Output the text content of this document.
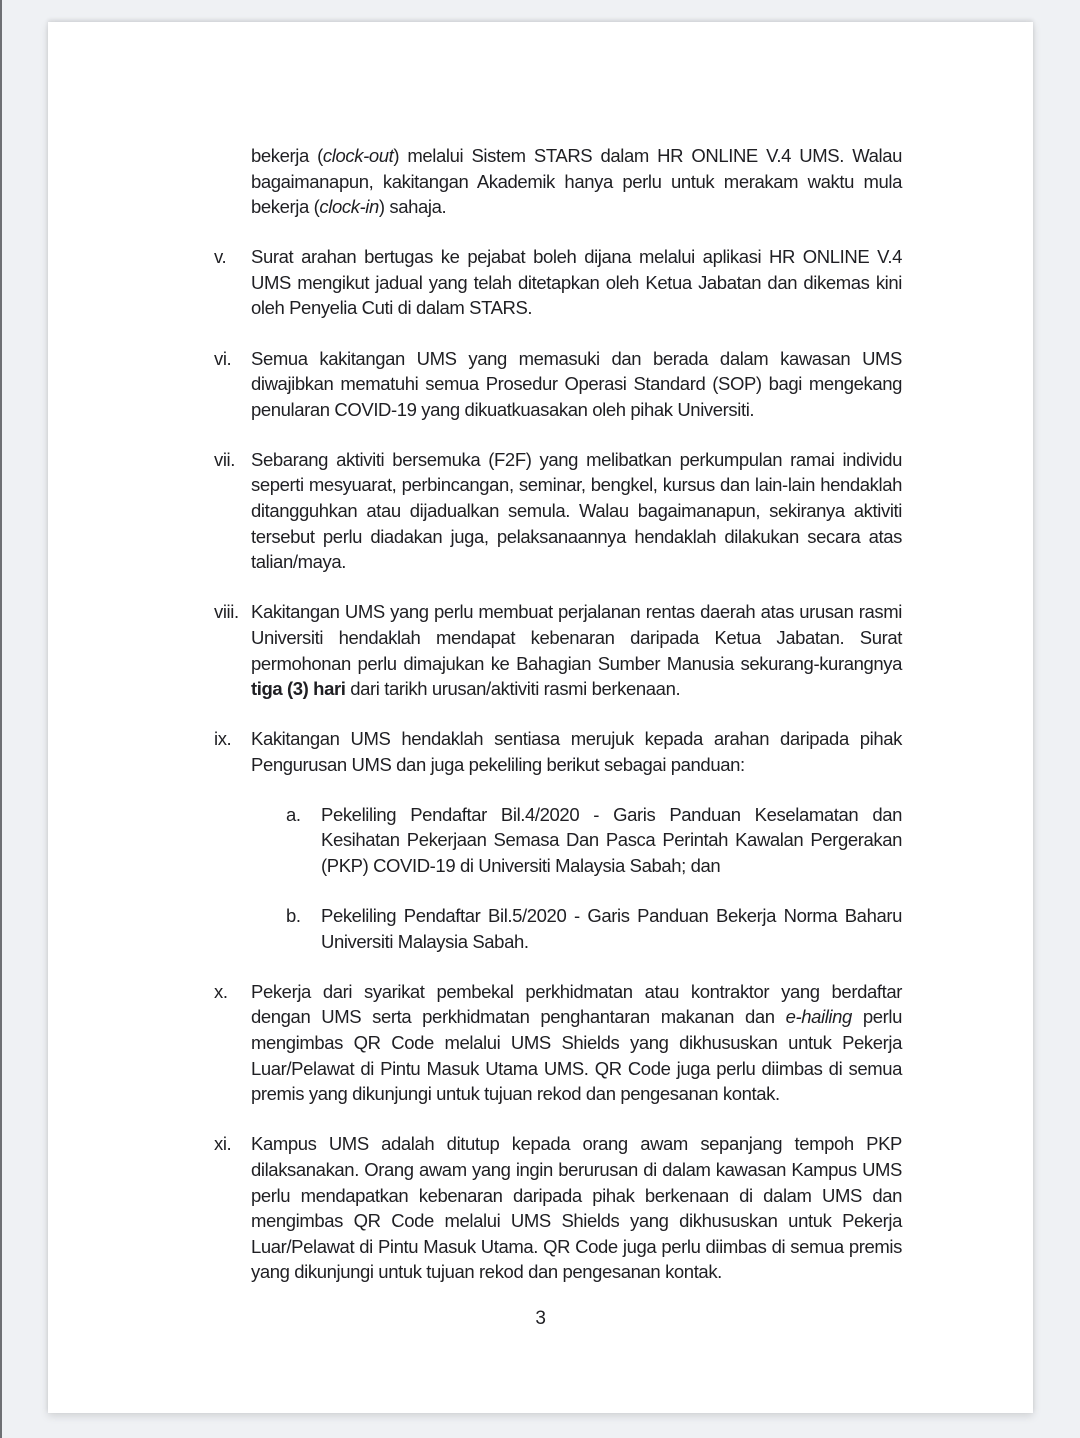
bekerja (clock-out) melalui Sistem STARS dalam HR ONLINE V.4 UMS. Walau bagaimanapun, kakitangan Akademik hanya perlu untuk merakam waktu mula bekerja (clock-in) sahaja.
v.	Surat arahan bertugas ke pejabat boleh dijana melalui aplikasi HR ONLINE V.4 UMS mengikut jadual yang telah ditetapkan oleh Ketua Jabatan dan dikemas kini oleh Penyelia Cuti di dalam STARS.
vi.	Semua kakitangan UMS yang memasuki dan berada dalam kawasan UMS diwajibkan mematuhi semua Prosedur Operasi Standard (SOP) bagi mengekang penularan COVID-19 yang dikuatkuasakan oleh pihak Universiti.
vii. Sebarang aktiviti bersemuka (F2F) yang melibatkan perkumpulan ramai individu seperti mesyuarat, perbincangan, seminar, bengkel, kursus dan lain-lain hendaklah ditangguhkan atau dijadualkan semula. Walau bagaimanapun, sekiranya aktiviti tersebut perlu diadakan juga, pelaksanaannya hendaklah dilakukan secara atas talian/maya.
viii. Kakitangan UMS yang perlu membuat perjalanan rentas daerah atas urusan rasmi Universiti hendaklah mendapat kebenaran daripada Ketua Jabatan. Surat permohonan perlu dimajukan ke Bahagian Sumber Manusia sekurang-kurangnya tiga (3) hari dari tarikh urusan/aktiviti rasmi berkenaan.
ix.	Kakitangan UMS hendaklah sentiasa merujuk kepada arahan daripada pihak Pengurusan UMS dan juga pekeliling berikut sebagai panduan:
a.	Pekeliling Pendaftar Bil.4/2020 - Garis Panduan Keselamatan dan Kesihatan Pekerjaan Semasa Dan Pasca Perintah Kawalan Pergerakan (PKP) COVID-19 di Universiti Malaysia Sabah; dan
b.	Pekeliling Pendaftar Bil.5/2020 - Garis Panduan Bekerja Norma Baharu Universiti Malaysia Sabah.
x.	Pekerja dari syarikat pembekal perkhidmatan atau kontraktor yang berdaftar dengan UMS serta perkhidmatan penghantaran makanan dan e-hailing perlu mengimbas QR Code melalui UMS Shields yang dikhususkan untuk Pekerja Luar/Pelawat di Pintu Masuk Utama UMS. QR Code juga perlu diimbas di semua premis yang dikunjungi untuk tujuan rekod dan pengesanan kontak.
xi.	Kampus UMS adalah ditutup kepada orang awam sepanjang tempoh PKP dilaksanakan. Orang awam yang ingin berurusan di dalam kawasan Kampus UMS perlu mendapatkan kebenaran daripada pihak berkenaan di dalam UMS dan mengimbas QR Code melalui UMS Shields yang dikhususkan untuk Pekerja Luar/Pelawat di Pintu Masuk Utama. QR Code juga perlu diimbas di semua premis yang dikunjungi untuk tujuan rekod dan pengesanan kontak.
3
